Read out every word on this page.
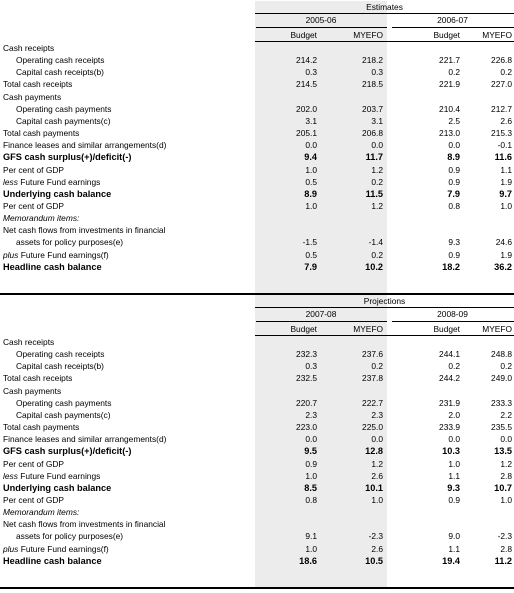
Estimates
2005-06	2006-07
Budget	MYEFO	Budget	MYEFO
Cash receipts
Operating cash receipts	214.2	218.2	221.7	226.8
Capital cash receipts(b)	0.3	0.3	0.2	0.2
Total cash receipts	214.5	218.5	221.9	227.0
Cash payments
Operating cash payments	202.0	203.7	210.4	212.7
Capital cash payments(c)	3.1	3.1	2.5	2.6
Total cash payments	205.1	206.8	213.0	215.3
Finance leases and similar arrangements(d)	0.0	0.0	0.0	-0.1
GFS cash surplus(+)/deficit(-)	9.4	11.7	8.9	11.6
Per cent of GDP	1.0	1.2	0.9	1.1
less Future Fund earnings	0.5	0.2	0.9	1.9
Underlying cash balance	8.9	11.5	7.9	9.7
Per cent of GDP	1.0	1.2	0.8	1.0
Memorandum items:
Net cash flows from investments in financial
assets for policy purposes(e)	-1.5	-1.4	9.3	24.6
plus Future Fund earnings(f)	0.5	0.2	0.9	1.9
Headline cash balance	7.9	10.2	18.2	36.2
Projections
2007-08	2008-09
Budget	MYEFO	Budget	MYEFO
Cash receipts
Operating cash receipts	232.3	237.6	244.1	248.8
Capital cash receipts(b)	0.3	0.2	0.2	0.2
Total cash receipts	232.5	237.8	244.2	249.0
Cash payments
Operating cash payments	220.7	222.7	231.9	233.3
Capital cash payments(c)	2.3	2.3	2.0	2.2
Total cash payments	223.0	225.0	233.9	235.5
Finance leases and similar arrangements(d)	0.0	0.0	0.0	0.0
GFS cash surplus(+)/deficit(-)	9.5	12.8	10.3	13.5
Per cent of GDP	0.9	1.2	1.0	1.2
less Future Fund earnings	1.0	2.6	1.1	2.8
Underlying cash balance	8.5	10.1	9.3	10.7
Per cent of GDP	0.8	1.0	0.9	1.0
Memorandum items:
Net cash flows from investments in financial
assets for policy purposes(e)	9.1	-2.3	9.0	-2.3
plus Future Fund earnings(f)	1.0	2.6	1.1	2.8
Headline cash balance	18.6	10.5	19.4	11.2
